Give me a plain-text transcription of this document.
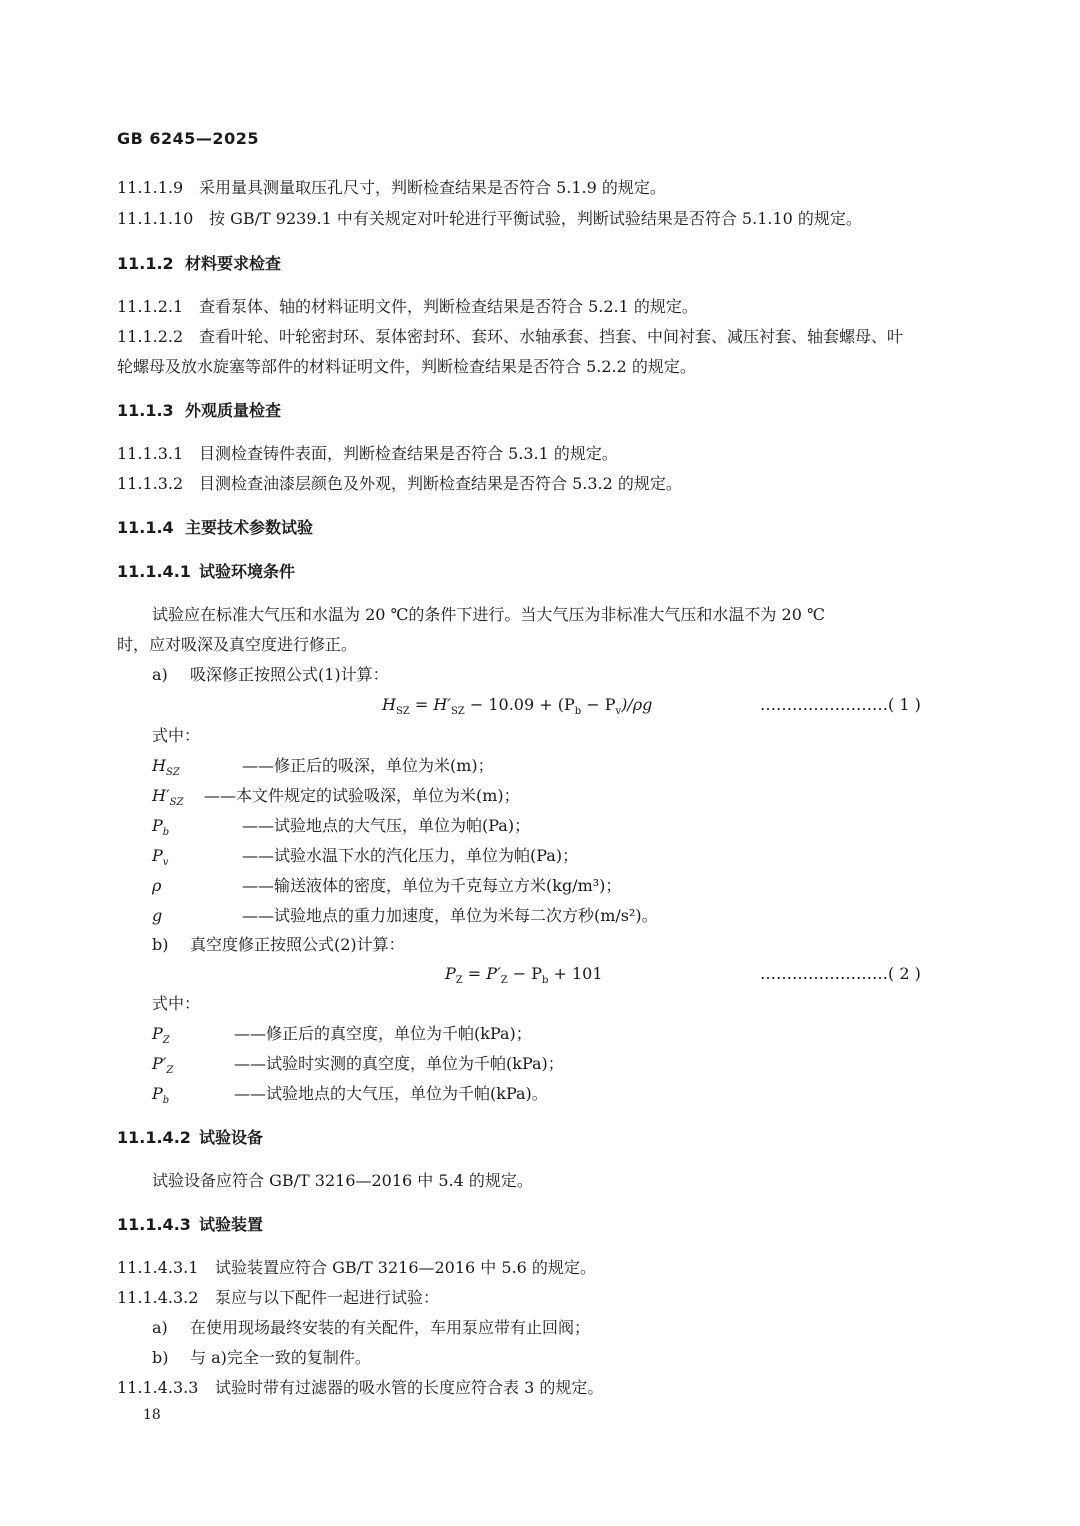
GB 6245—2025
11.1.1.9 采用量具测量取压孔尺寸，判断检查结果是否符合 5.1.9 的规定。
11.1.1.10 按 GB/T 9239.1 中有关规定对叶轮进行平衡试验，判断试验结果是否符合 5.1.10 的规定。
11.1.2 材料要求检查
11.1.2.1 查看泵体、轴的材料证明文件，判断检查结果是否符合 5.2.1 的规定。
11.1.2.2 查看叶轮、叶轮密封环、泵体密封环、套环、水轴承套、挡套、中间衬套、减压衬套、轴套螺母、叶
轮螺母及放水旋塞等部件的材料证明文件，判断检查结果是否符合 5.2.2 的规定。
11.1.3 外观质量检查
11.1.3.1 目测检查铸件表面，判断检查结果是否符合 5.3.1 的规定。
11.1.3.2 目测检查油漆层颜色及外观，判断检查结果是否符合 5.3.2 的规定。
11.1.4 主要技术参数试验
11.1.4.1 试验环境条件
试验应在标准大气压和水温为 20 ℃的条件下进行。当大气压为非标准大气压和水温不为 20 ℃
时，应对吸深及真空度进行修正。
a) 吸深修正按照公式(1)计算：
$H_{SZ} = H'_{SZ} - 10.09 + (P_b - P_v)/\rho g$	……………………( 1 )
式中：
$H_{SZ}$	——修正后的吸深，单位为米(m)；
$H'_{SZ}$ ——本文件规定的试验吸深，单位为米(m)；
$P_b$	——试验地点的大气压，单位为帕(Pa)；
$P_v$	——试验水温下水的汽化压力，单位为帕(Pa)；
ρ	——输送液体的密度，单位为千克每立方米(kg/m³)；
g	——试验地点的重力加速度，单位为米每二次方秒(m/s²)。
b) 真空度修正按照公式(2)计算：
$P_Z = P'_Z - P_b + 101$	……………………( 2 )
式中：
$P_Z$	——修正后的真空度，单位为千帕(kPa)；
$P'_Z$	——试验时实测的真空度，单位为千帕(kPa)；
$P_b$	——试验地点的大气压，单位为千帕(kPa)。
11.1.4.2 试验设备
试验设备应符合 GB/T 3216—2016 中 5.4 的规定。
11.1.4.3 试验装置
11.1.4.3.1 试验装置应符合 GB/T 3216—2016 中 5.6 的规定。
11.1.4.3.2 泵应与以下配件一起进行试验：
a) 在使用现场最终安装的有关配件，车用泵应带有止回阀；
b) 与 a)完全一致的复制件。
11.1.4.3.3 试验时带有过滤器的吸水管的长度应符合表 3 的规定。
18
